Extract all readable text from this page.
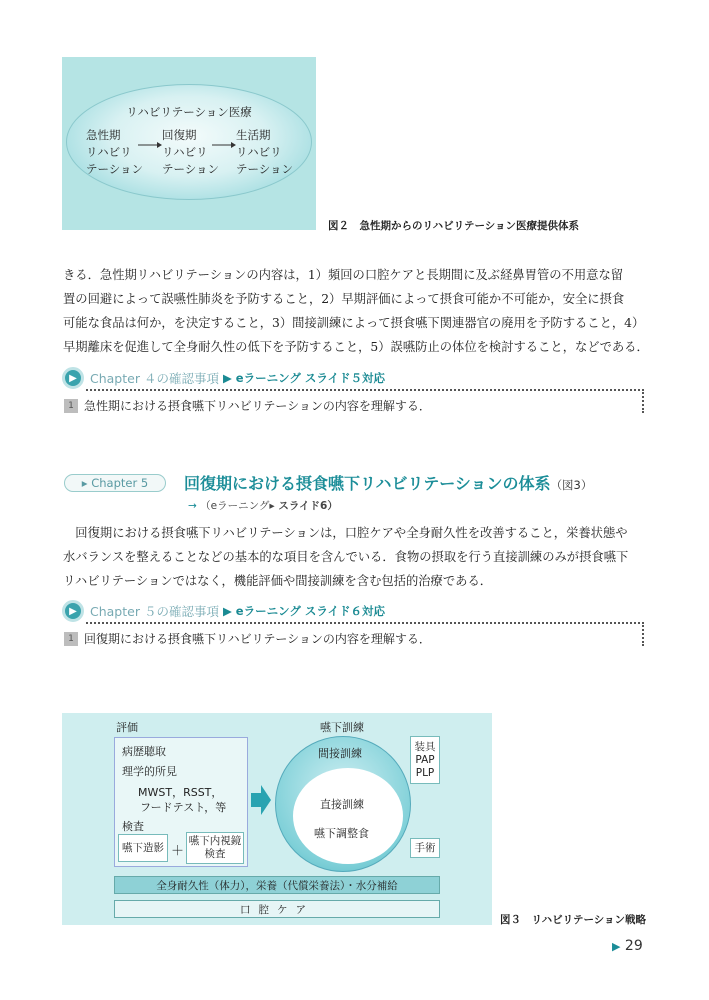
リハビリテーション医療
急性期
リハビリ
テーション
回復期
リハビリ
テーション
生活期
リハビリ
テーション
図２　急性期からのリハビリテーション医療提供体系
きる．急性期リハビリテーションの内容は，1）頻回の口腔ケアと長期間に及ぶ経鼻胃管の不用意な留
置の回避によって誤嚥性肺炎を予防すること，2）早期評価によって摂食可能か不可能か，安全に摂食
可能な食品は何か，を決定すること，3）間接訓練によって摂食嚥下関連器官の廃用を予防すること，4）
早期離床を促進して全身耐久性の低下を予防すること，5）誤嚥防止の体位を検討すること，などである．
▶	Chapter ４の確認事項 ▶ eラーニング スライド５対応
1 急性期における摂食嚥下リハビリテーションの内容を理解する．
▸ Chapter 5	回復期における摂食嚥下リハビリテーションの体系（図3）
→ （eラーニング▸ スライド6）
　回復期における摂食嚥下リハビリテーションは，口腔ケアや全身耐久性を改善すること，栄養状態や
水バランスを整えることなどの基本的な項目を含んでいる．食物の摂取を行う直接訓練のみが摂食嚥下
リハビリテーションではなく，機能評価や間接訓練を含む包括的治療である．
▶	Chapter ５の確認事項 ▶ eラーニング スライド６対応
1 回復期における摂食嚥下リハビリテーションの内容を理解する．
評価
病歴聴取
理学的所見
MWST，RSST，
フードテスト，等
検査
嚥下造影 ＋
嚥下内視鏡
検査
嚥下訓練
間接訓練
直接訓練
嚥下調整食
装具
PAP
PLP
手術
全身耐久性（体力），栄養（代償栄養法）・水分補給
口腔ケア
図３　リハビリテーション戦略
▶ 29
